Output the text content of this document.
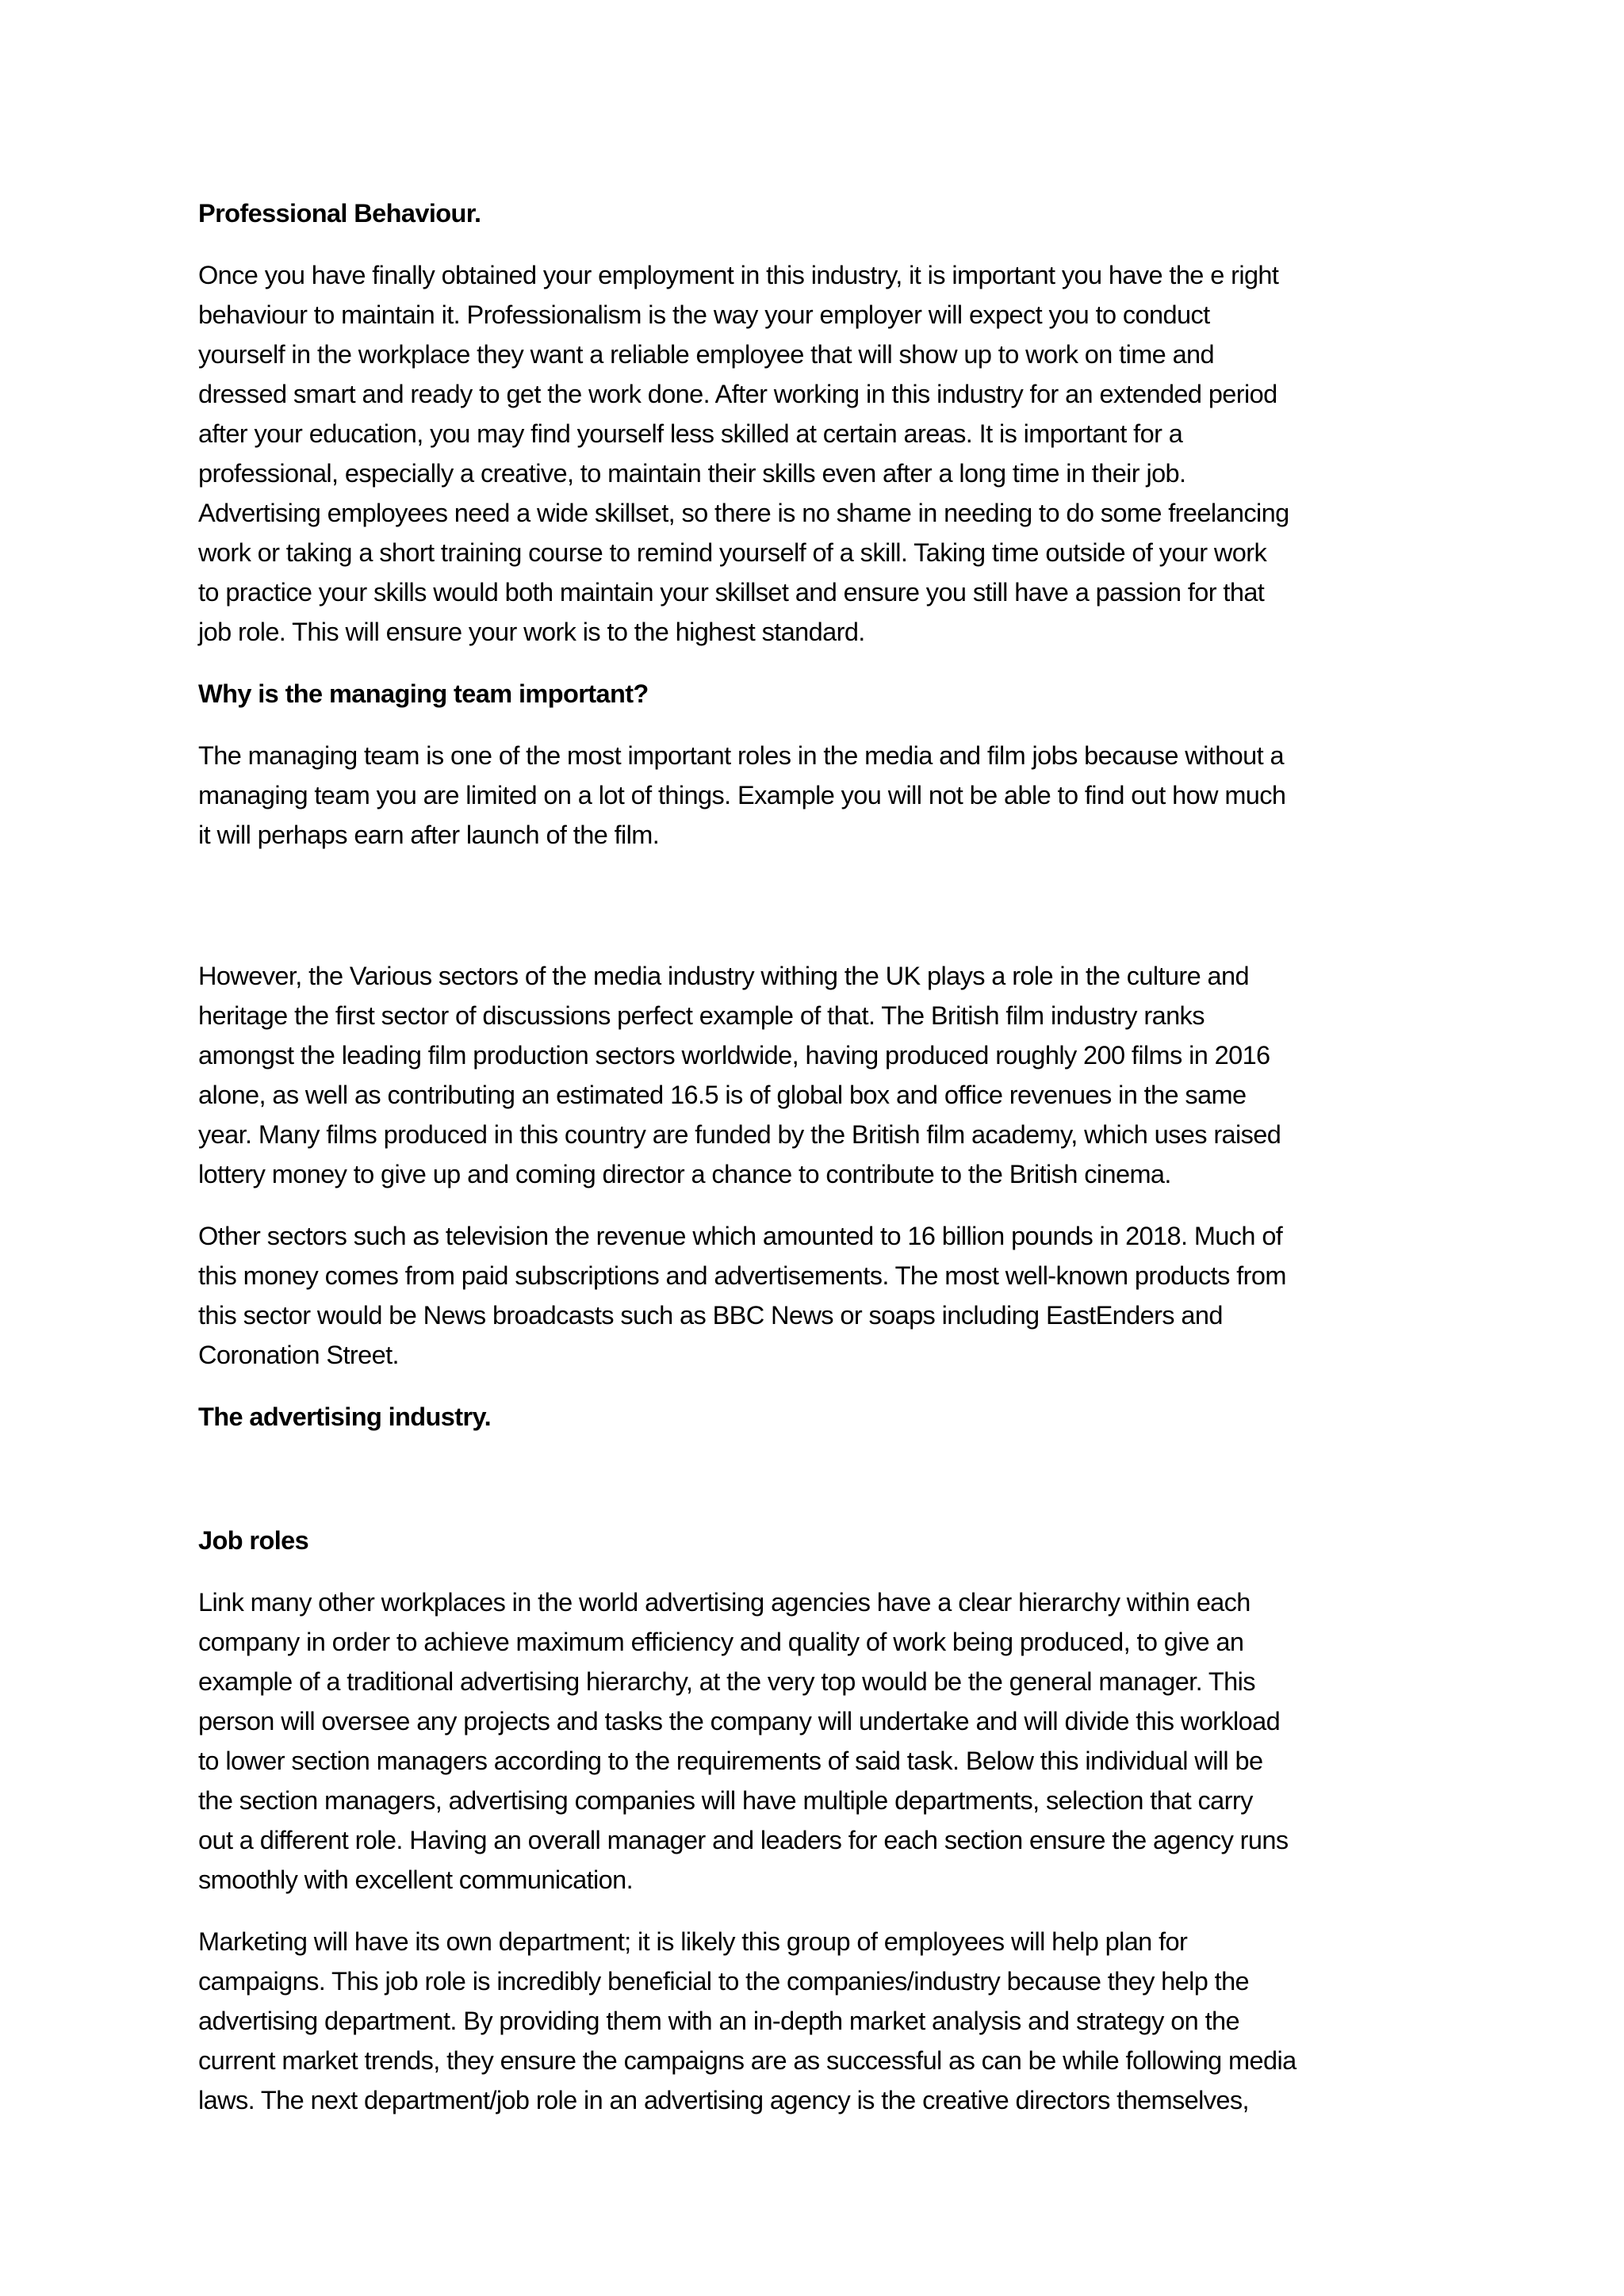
Professional Behaviour.

Once you have finally obtained your employment in this industry, it is important you have the e right
behaviour to maintain it. Professionalism is the way your employer will expect you to conduct
yourself in the workplace they want a reliable employee that will show up to work on time and
dressed smart and ready to get the work done. After working in this industry for an extended period
after your education, you may find yourself less skilled at certain areas. It is important for a
professional, especially a creative, to maintain their skills even after a long time in their job.
Advertising employees need a wide skillset, so there is no shame in needing to do some freelancing
work or taking a short training course to remind yourself of a skill. Taking time outside of your work
to practice your skills would both maintain your skillset and ensure you still have a passion for that
job role. This will ensure your work is to the highest standard.

Why is the managing team important?

The managing team is one of the most important roles in the media and film jobs because without a
managing team you are limited on a lot of things. Example you will not be able to find out how much
it will perhaps earn after launch of the film.

However, the Various sectors of the media industry withing the UK plays a role in the culture and
heritage the first sector of discussions perfect example of that. The British film industry ranks
amongst the leading film production sectors worldwide, having produced roughly 200 films in 2016
alone, as well as contributing an estimated 16.5 is of global box and office revenues in the same
year. Many films produced in this country are funded by the British film academy, which uses raised
lottery money to give up and coming director a chance to contribute to the British cinema.

Other sectors such as television the revenue which amounted to 16 billion pounds in 2018. Much of
this money comes from paid subscriptions and advertisements. The most well-known products from
this sector would be News broadcasts such as BBC News or soaps including EastEnders and
Coronation Street.

The advertising industry.

Job roles

Link many other workplaces in the world advertising agencies have a clear hierarchy within each
company in order to achieve maximum efficiency and quality of work being produced, to give an
example of a traditional advertising hierarchy, at the very top would be the general manager. This
person will oversee any projects and tasks the company will undertake and will divide this workload
to lower section managers according to the requirements of said task. Below this individual will be
the section managers, advertising companies will have multiple departments, selection that carry
out a different role. Having an overall manager and leaders for each section ensure the agency runs
smoothly with excellent communication.

Marketing will have its own department; it is likely this group of employees will help plan for
campaigns. This job role is incredibly beneficial to the companies/industry because they help the
advertising department. By providing them with an in-depth market analysis and strategy on the
current market trends, they ensure the campaigns are as successful as can be while following media
laws. The next department/job role in an advertising agency is the creative directors themselves,
